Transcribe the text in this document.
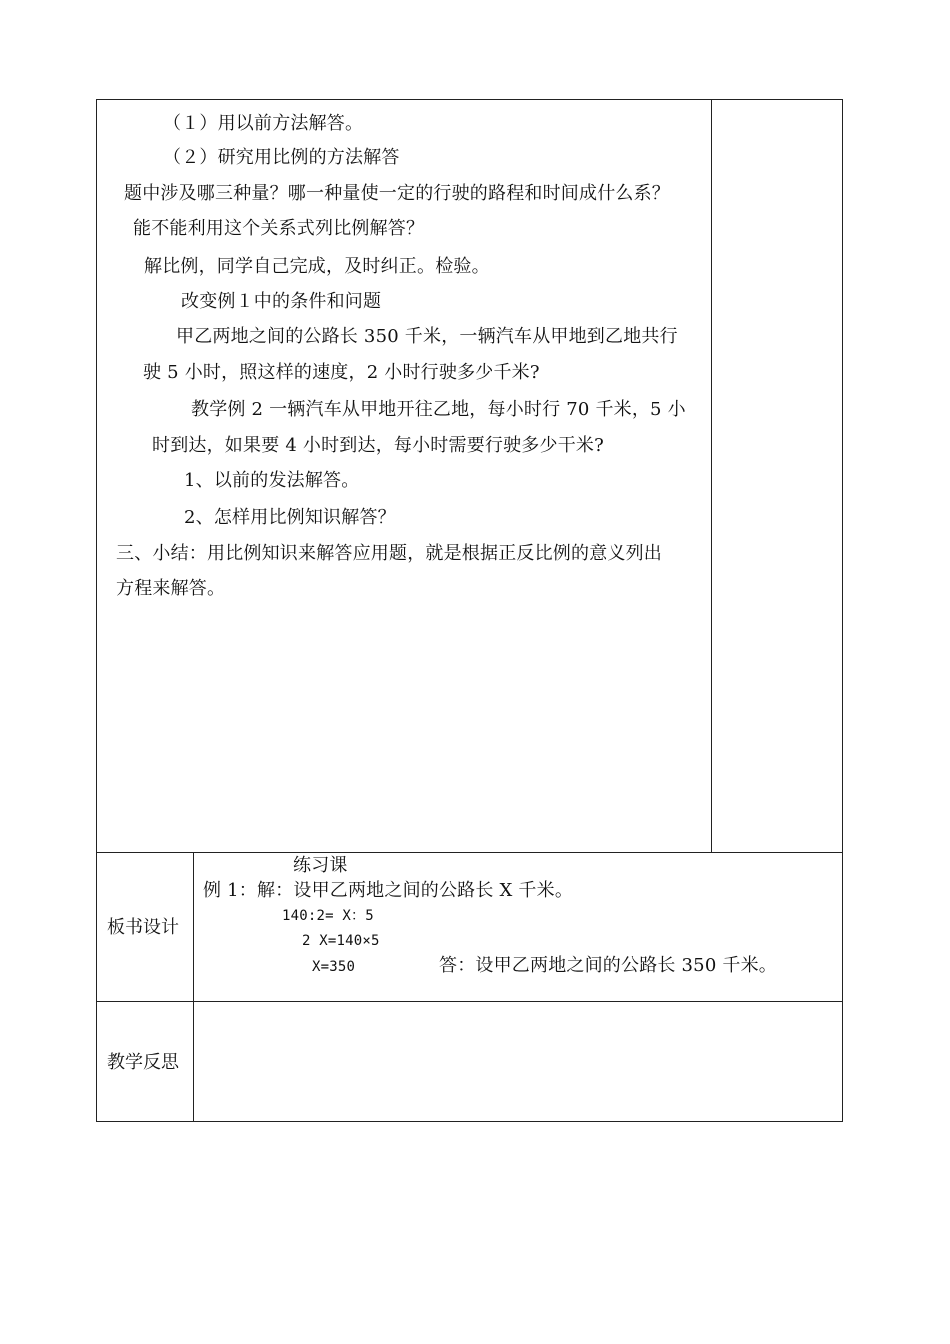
（１）用以前方法解答。
（２）研究用比例的方法解答
题中涉及哪三种量？哪一种量使一定的行驶的路程和时间成什么系？
能不能利用这个关系式列比例解答？
解比例，同学自己完成，及时纠正。检验。
改变例１中的条件和问题
甲乙两地之间的公路长 350 千米，一辆汽车从甲地到乙地共行
驶 5 小时，照这样的速度，2 小时行驶多少千米?
教学例 2 一辆汽车从甲地开往乙地，每小时行 70 千米，5 小
时到达，如果要 4 小时到达，每小时需要行驶多少干米?
1、以前的发法解答。
2、怎样用比例知识解答？
三、小结：用比例知识来解答应用题，就是根据正反比例的意义列出
方程来解答。
板书设计
练习课
例 1：解：设甲乙两地之间的公路长 X 千米。
140:2= X：5
2 X=140×5
X=350	答：设甲乙两地之间的公路长 350 千米。
教学反思
